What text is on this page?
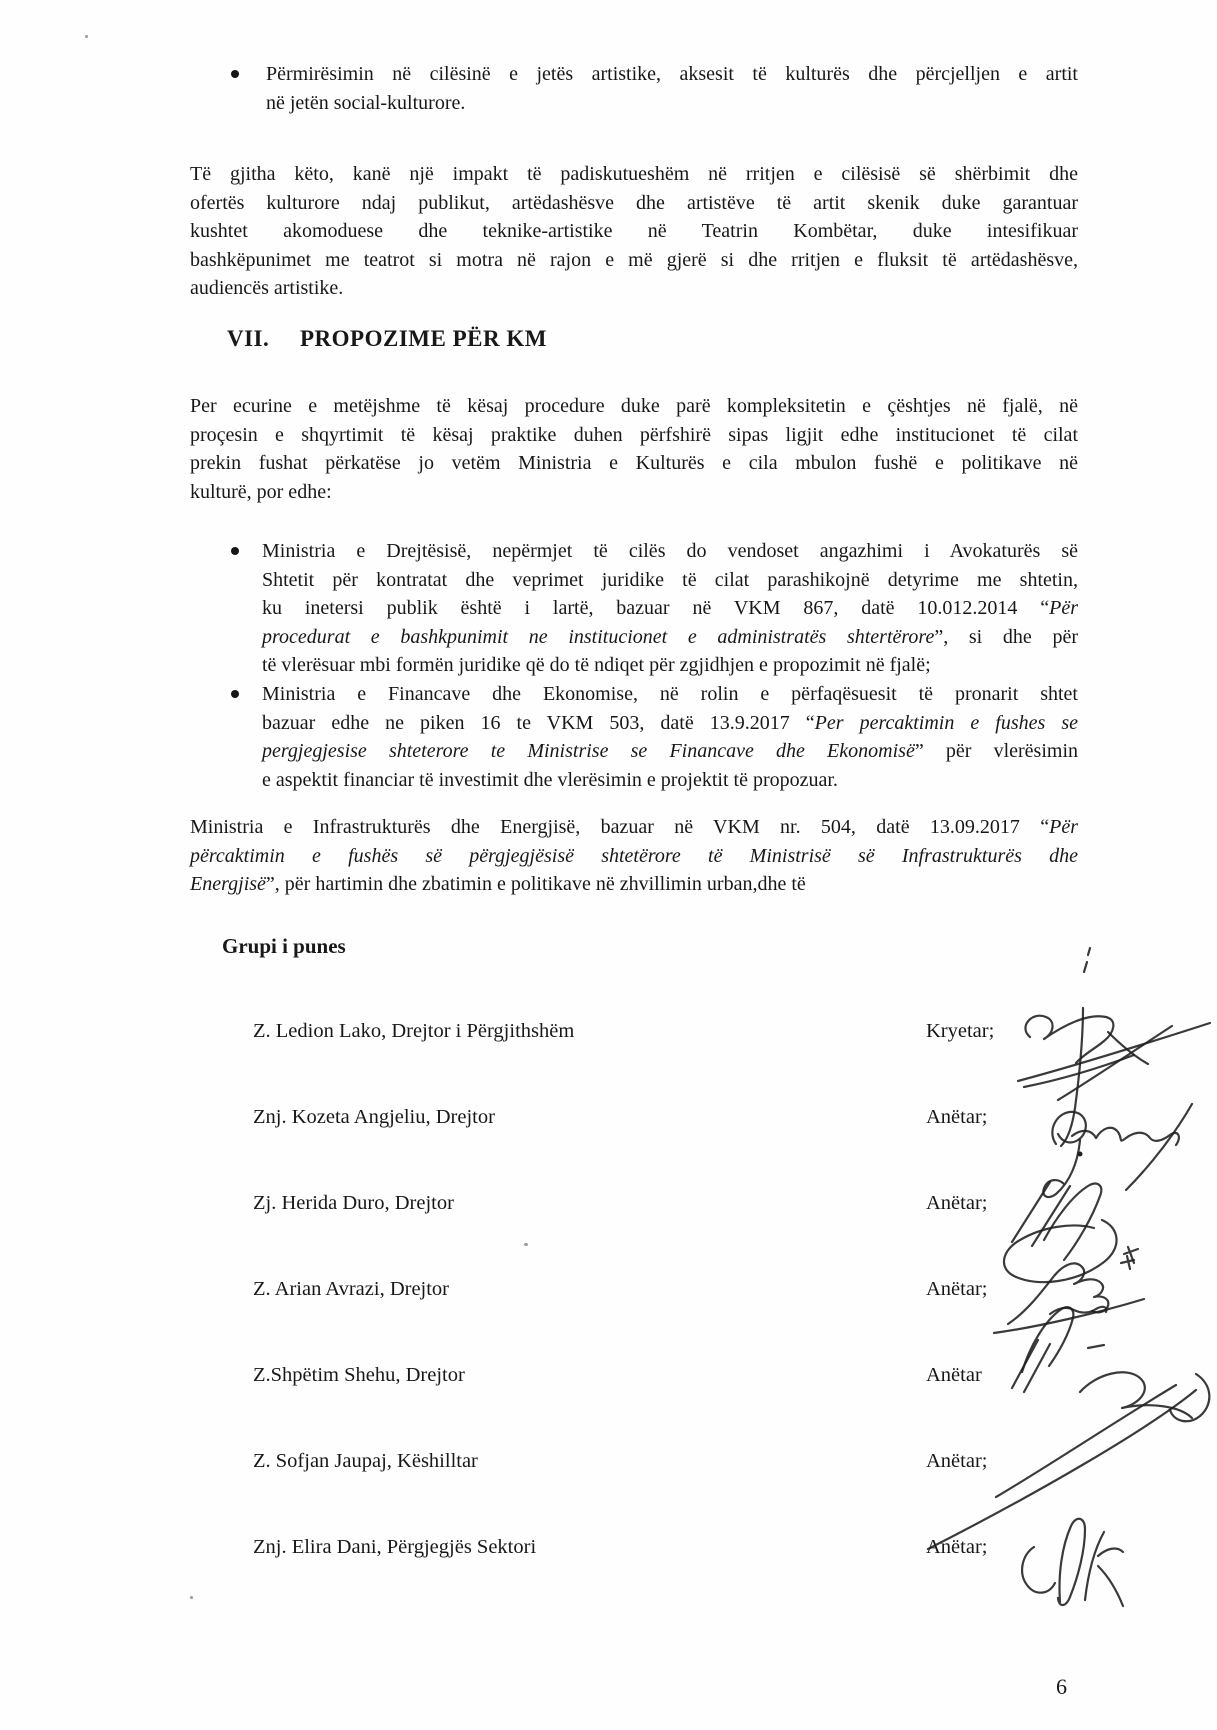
Përmirësimin në cilësinë e jetës artistike, aksesit të kulturës dhe përcjelljen e artit
në jetën social-kulturore.
Të gjitha këto, kanë një impakt të padiskutueshëm në rritjen e cilësisë së shërbimit dhe
ofertës kulturore ndaj publikut, artëdashësve dhe artistëve të artit skenik duke garantuar
kushtet akomoduese dhe teknike-artistike në Teatrin Kombëtar, duke intesifikuar
bashkëpunimet me teatrot si motra në rajon e më gjerë si dhe rritjen e fluksit të artëdashësve,
audiencës artistike.
VII. PROPOZIME PËR KM
Per ecurine e metëjshme të kësaj procedure duke parë kompleksitetin e çështjes në fjalë, në
proçesin e shqyrtimit të kësaj praktike duhen përfshirë sipas ligjit edhe institucionet të cilat
prekin fushat përkatëse jo vetëm Ministria e Kulturës e cila mbulon fushë e politikave në
kulturë, por edhe:
Ministria e Drejtësisë, nepërmjet të cilës do vendoset angazhimi i Avokaturës së
Shtetit për kontratat dhe veprimet juridike të cilat parashikojnë detyrime me shtetin,
ku inetersi publik është i lartë, bazuar në VKM 867, datë 10.012.2014 “Për
procedurat e bashkpunimit ne institucionet e administratës shtertërore”, si dhe për
të vlerësuar mbi formën juridike që do të ndiqet për zgjidhjen e propozimit në fjalë;
Ministria e Financave dhe Ekonomise, në rolin e përfaqësuesit të pronarit shtet
bazuar edhe ne piken 16 te VKM 503, datë 13.9.2017 “Per percaktimin e fushes se
pergjegjesise shteterore te Ministrise se Financave dhe Ekonomisë” për vlerësimin
e aspektit financiar të investimit dhe vlerësimin e projektit të propozuar.
Ministria e Infrastrukturës dhe Energjisë, bazuar në VKM nr. 504, datë 13.09.2017 “Për
përcaktimin e fushës së përgjegjësisë shtetërore të Ministrisë së Infrastrukturës dhe
Energjisë”, për hartimin dhe zbatimin e politikave në zhvillimin urban,dhe të
Grupi i punes
Z. Ledion Lako, Drejtor i Përgjithshëm	Kryetar;
Znj. Kozeta Angjeliu, Drejtor	Anëtar;
Zj. Herida Duro, Drejtor	Anëtar;
Z. Arian Avrazi, Drejtor	Anëtar;
Z.Shpëtim Shehu, Drejtor	Anëtar
Z. Sofjan Jaupaj, Këshilltar	Anëtar;
Znj. Elira Dani, Përgjegjës Sektori	Anëtar;
6
